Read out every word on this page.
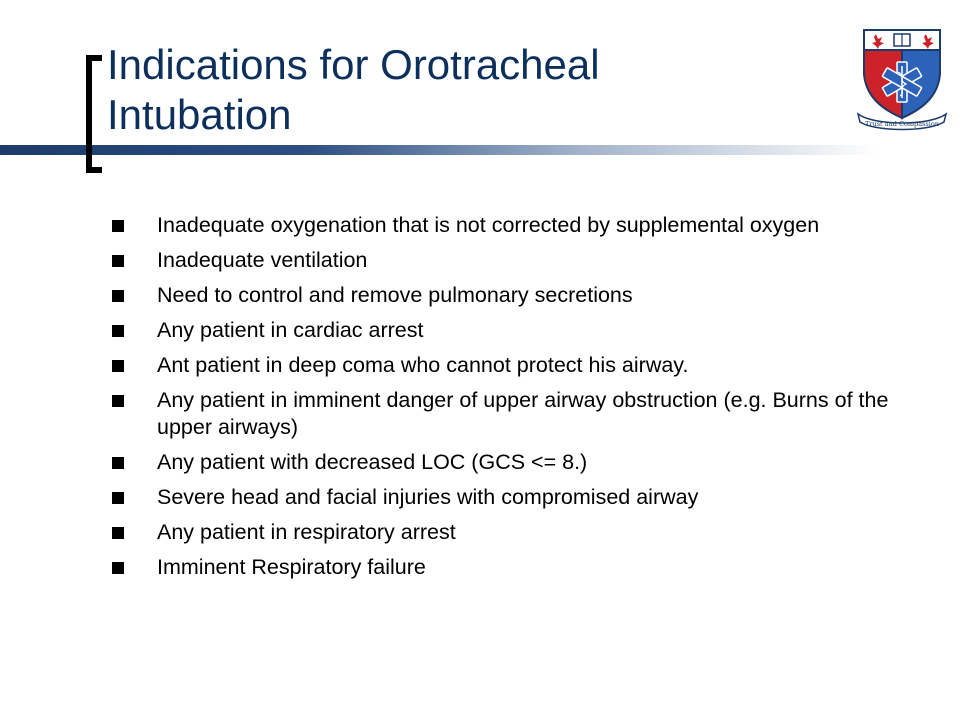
Indications for Orotracheal
Intubation	Trust and Compassion
Inadequate oxygenation that is not corrected by supplemental oxygen
Inadequate ventilation
Need to control and remove pulmonary secretions
Any patient in cardiac arrest
Ant patient in deep coma who cannot protect his airway.
Any patient in imminent danger of upper airway obstruction (e.g. Burns of the upper airways)
Any patient with decreased LOC (GCS <= 8.)
Severe head and facial injuries with compromised airway
Any patient in respiratory arrest
Imminent Respiratory failure
